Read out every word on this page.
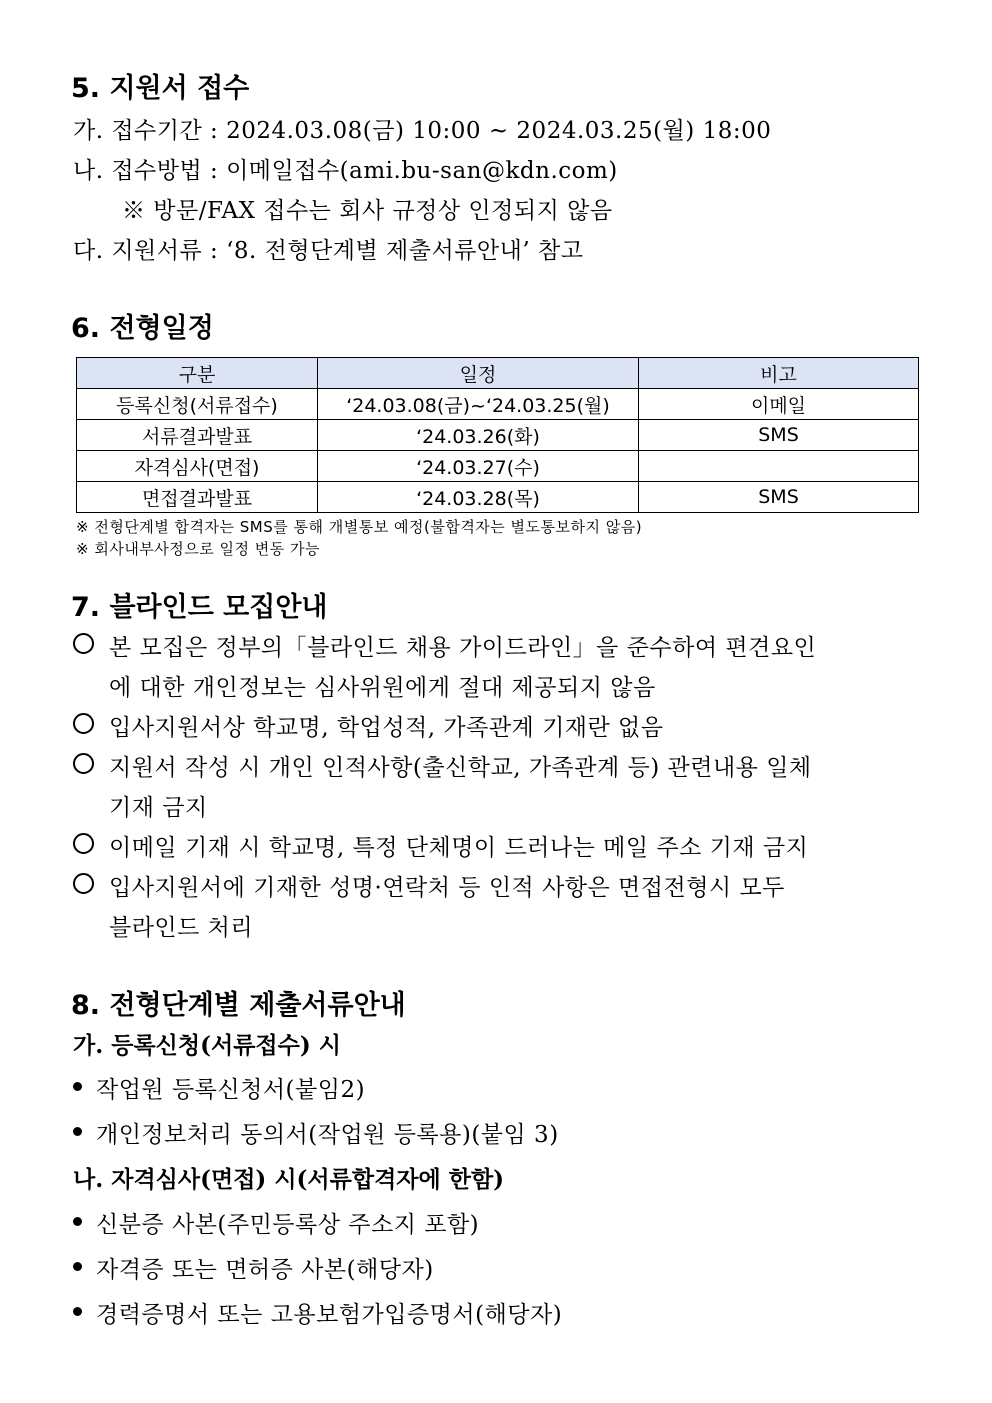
5. 지원서 접수
가. 접수기간 : 2024.03.08(금) 10:00 ~ 2024.03.25(월) 18:00
나. 접수방법 : 이메일접수(ami.bu-san@kdn.com)
※ 방문/FAX 접수는 회사 규정상 인정되지 않음
다. 지원서류 : ‘8. 전형단계별 제출서류안내’ 참고
6. 전형일정
구분	일정	비고
등록신청(서류접수)	‘24.03.08(금)~‘24.03.25(월)	이메일
서류결과발표	‘24.03.26(화)	SMS
자격심사(면접)	‘24.03.27(수)	
면접결과발표	‘24.03.28(목)	SMS
※ 전형단계별 합격자는 SMS를 통해 개별통보 예정(불합격자는 별도통보하지 않음)
※ 회사내부사정으로 일정 변동 가능
7. 블라인드 모집안내
본 모집은 정부의「블라인드 채용 가이드라인」을 준수하여 편견요인
에 대한 개인정보는 심사위원에게 절대 제공되지 않음
입사지원서상 학교명, 학업성적, 가족관계 기재란 없음
지원서 작성 시 개인 인적사항(출신학교, 가족관계 등) 관련내용 일체
기재 금지
이메일 기재 시 학교명, 특정 단체명이 드러나는 메일 주소 기재 금지
입사지원서에 기재한 성명·연락처 등 인적 사항은 면접전형시 모두
블라인드 처리
8. 전형단계별 제출서류안내
가. 등록신청(서류접수) 시
작업원 등록신청서(붙임2)
개인정보처리 동의서(작업원 등록용)(붙임 3)
나. 자격심사(면접) 시(서류합격자에 한함)
신분증 사본(주민등록상 주소지 포함)
자격증 또는 면허증 사본(해당자)
경력증명서 또는 고용보험가입증명서(해당자)
